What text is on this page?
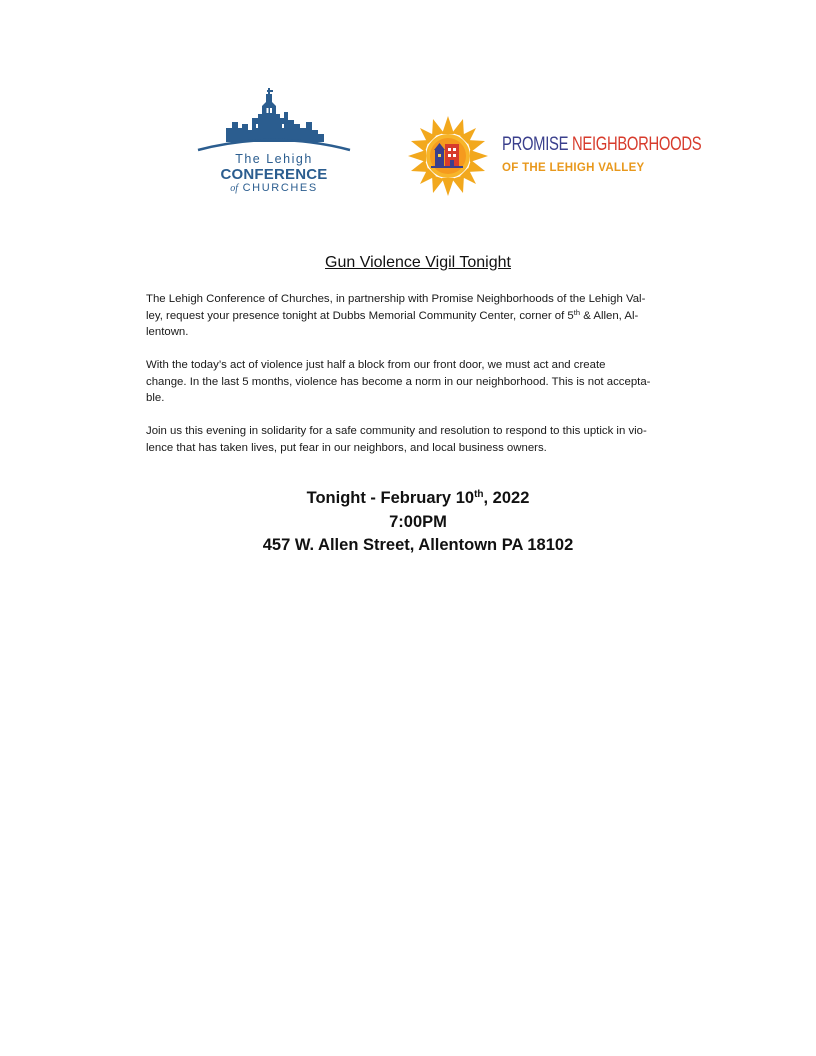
The Lehigh
CONFERENCE
of CHURCHES
PROMISE NEIGHBORHOODS
OF THE LEHIGH VALLEY
Gun Violence Vigil Tonight

The Lehigh Conference of Churches, in partnership with Promise Neighborhoods of the Lehigh Val-
ley, request your presence tonight at Dubbs Memorial Community Center, corner of 5th & Allen, Al-
lentown.

With the today’s act of violence just half a block from our front door, we must act and create
change. In the last 5 months, violence has become a norm in our neighborhood. This is not accepta-
ble.

Join us this evening in solidarity for a safe community and resolution to respond to this uptick in vio-
lence that has taken lives, put fear in our neighbors, and local business owners.

Tonight - February 10th, 2022
7:00PM
457 W. Allen Street, Allentown PA 18102
